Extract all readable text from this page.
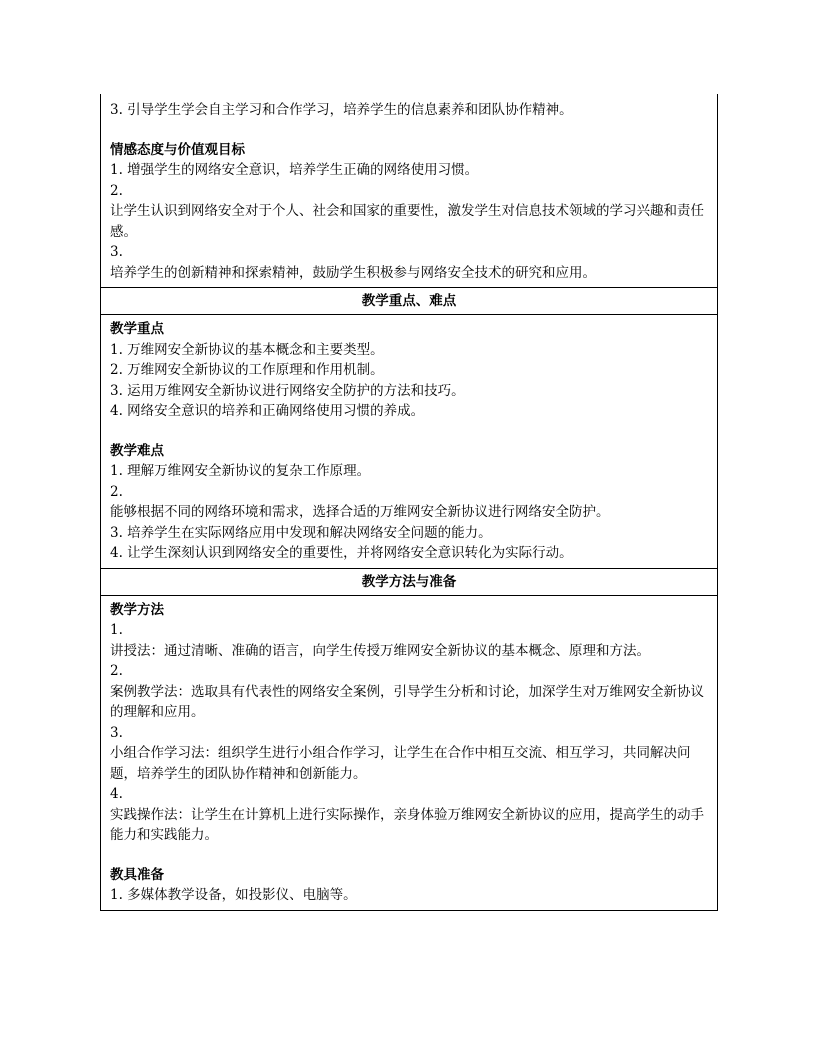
3. 引导学生学会自主学习和合作学习，培养学生的信息素养和团队协作精神。

情感态度与价值观目标

1. 增强学生的网络安全意识，培养学生正确的网络使用习惯。

2.

让学生认识到网络安全对于个人、社会和国家的重要性，激发学生对信息技术领域的学习兴趣和责任感。

3.

培养学生的创新精神和探索精神，鼓励学生积极参与网络安全技术的研究和应用。

教学重点、难点

教学重点

1. 万维网安全新协议的基本概念和主要类型。

2. 万维网安全新协议的工作原理和作用机制。

3. 运用万维网安全新协议进行网络安全防护的方法和技巧。

4. 网络安全意识的培养和正确网络使用习惯的养成。

教学难点

1. 理解万维网安全新协议的复杂工作原理。

2.

能够根据不同的网络环境和需求，选择合适的万维网安全新协议进行网络安全防护。

3. 培养学生在实际网络应用中发现和解决网络安全问题的能力。

4. 让学生深刻认识到网络安全的重要性，并将网络安全意识转化为实际行动。

教学方法与准备

教学方法

1.

讲授法：通过清晰、准确的语言，向学生传授万维网安全新协议的基本概念、原理和方法。

2.

案例教学法：选取具有代表性的网络安全案例，引导学生分析和讨论，加深学生对万维网安全新协议的理解和应用。

3.

小组合作学习法：组织学生进行小组合作学习，让学生在合作中相互交流、相互学习，共同解决问题，培养学生的团队协作精神和创新能力。

4.

实践操作法：让学生在计算机上进行实际操作，亲身体验万维网安全新协议的应用，提高学生的动手能力和实践能力。

教具准备

1. 多媒体教学设备，如投影仪、电脑等。
